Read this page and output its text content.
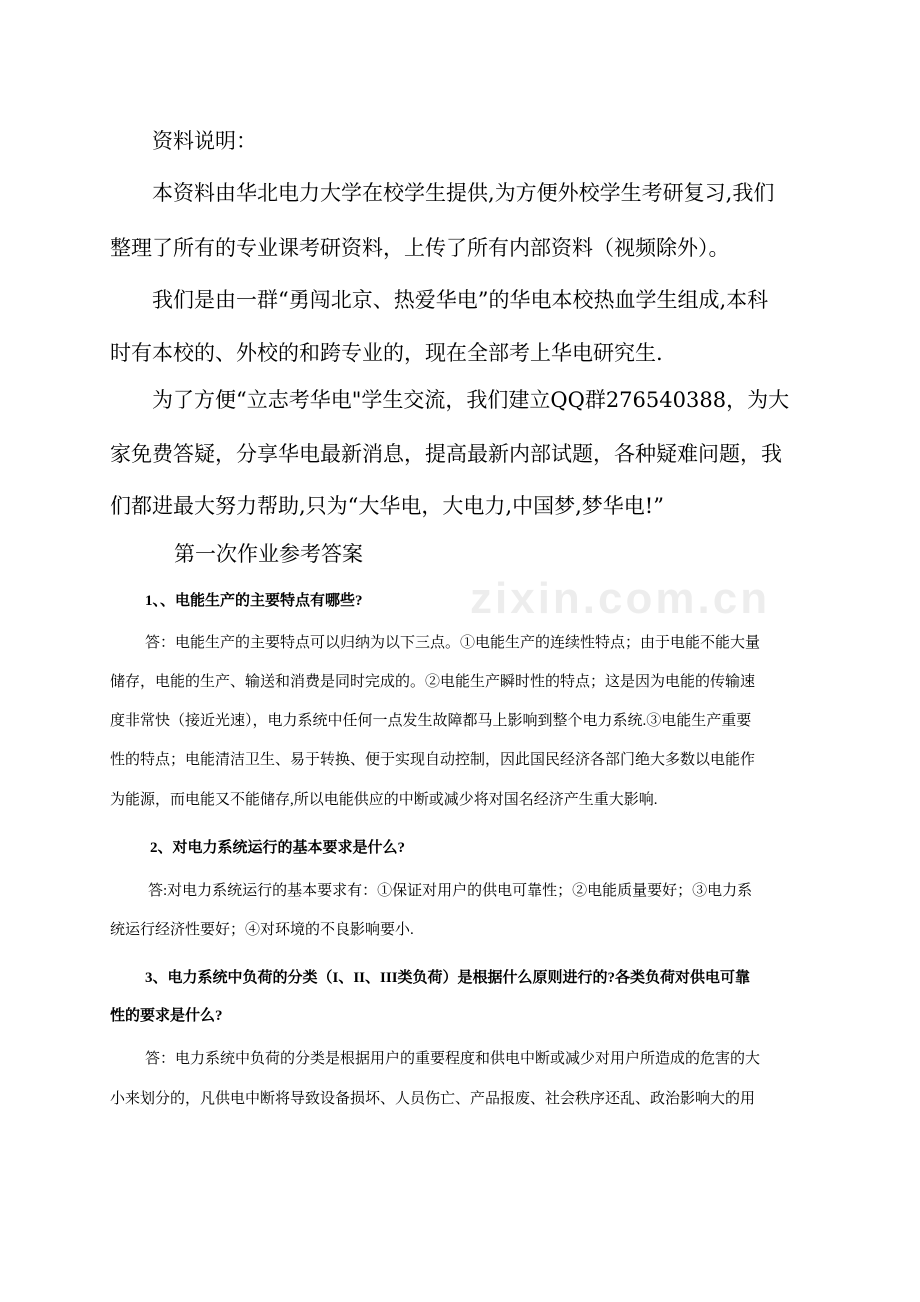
zixin.com.cn
资料说明：
本资料由华北电力大学在校学生提供,为方便外校学生考研复习,我们
整理了所有的专业课考研资料，上传了所有内部资料（视频除外）。
我们是由一群“勇闯北京、热爱华电”的华电本校热血学生组成,本科
时有本校的、外校的和跨专业的，现在全部考上华电研究生.
为了方便“立志考华电"学生交流，我们建立QQ群276540388，为大
家免费答疑，分享华电最新消息，提高最新内部试题，各种疑难问题，我
们都进最大努力帮助,只为“大华电，大电力,中国梦,梦华电!”
第一次作业参考答案
1、、电能生产的主要特点有哪些?
答：电能生产的主要特点可以归纳为以下三点。①电能生产的连续性特点；由于电能不能大量
储存，电能的生产、输送和消费是同时完成的。②电能生产瞬时性的特点；这是因为电能的传输速
度非常快（接近光速），电力系统中任何一点发生故障都马上影响到整个电力系统.③电能生产重要
性的特点；电能清洁卫生、易于转换、便于实现自动控制，因此国民经济各部门绝大多数以电能作
为能源，而电能又不能储存,所以电能供应的中断或减少将对国名经济产生重大影响.
2、对电力系统运行的基本要求是什么?
答:对电力系统运行的基本要求有：①保证对用户的供电可靠性；②电能质量要好；③电力系
统运行经济性要好；④对环境的不良影响要小.
3、电力系统中负荷的分类（I、II、III类负荷）是根据什么原则进行的?各类负荷对供电可靠
性的要求是什么?
答：电力系统中负荷的分类是根据用户的重要程度和供电中断或减少对用户所造成的危害的大
小来划分的，凡供电中断将导致设备损坏、人员伤亡、产品报废、社会秩序还乱、政治影响大的用
